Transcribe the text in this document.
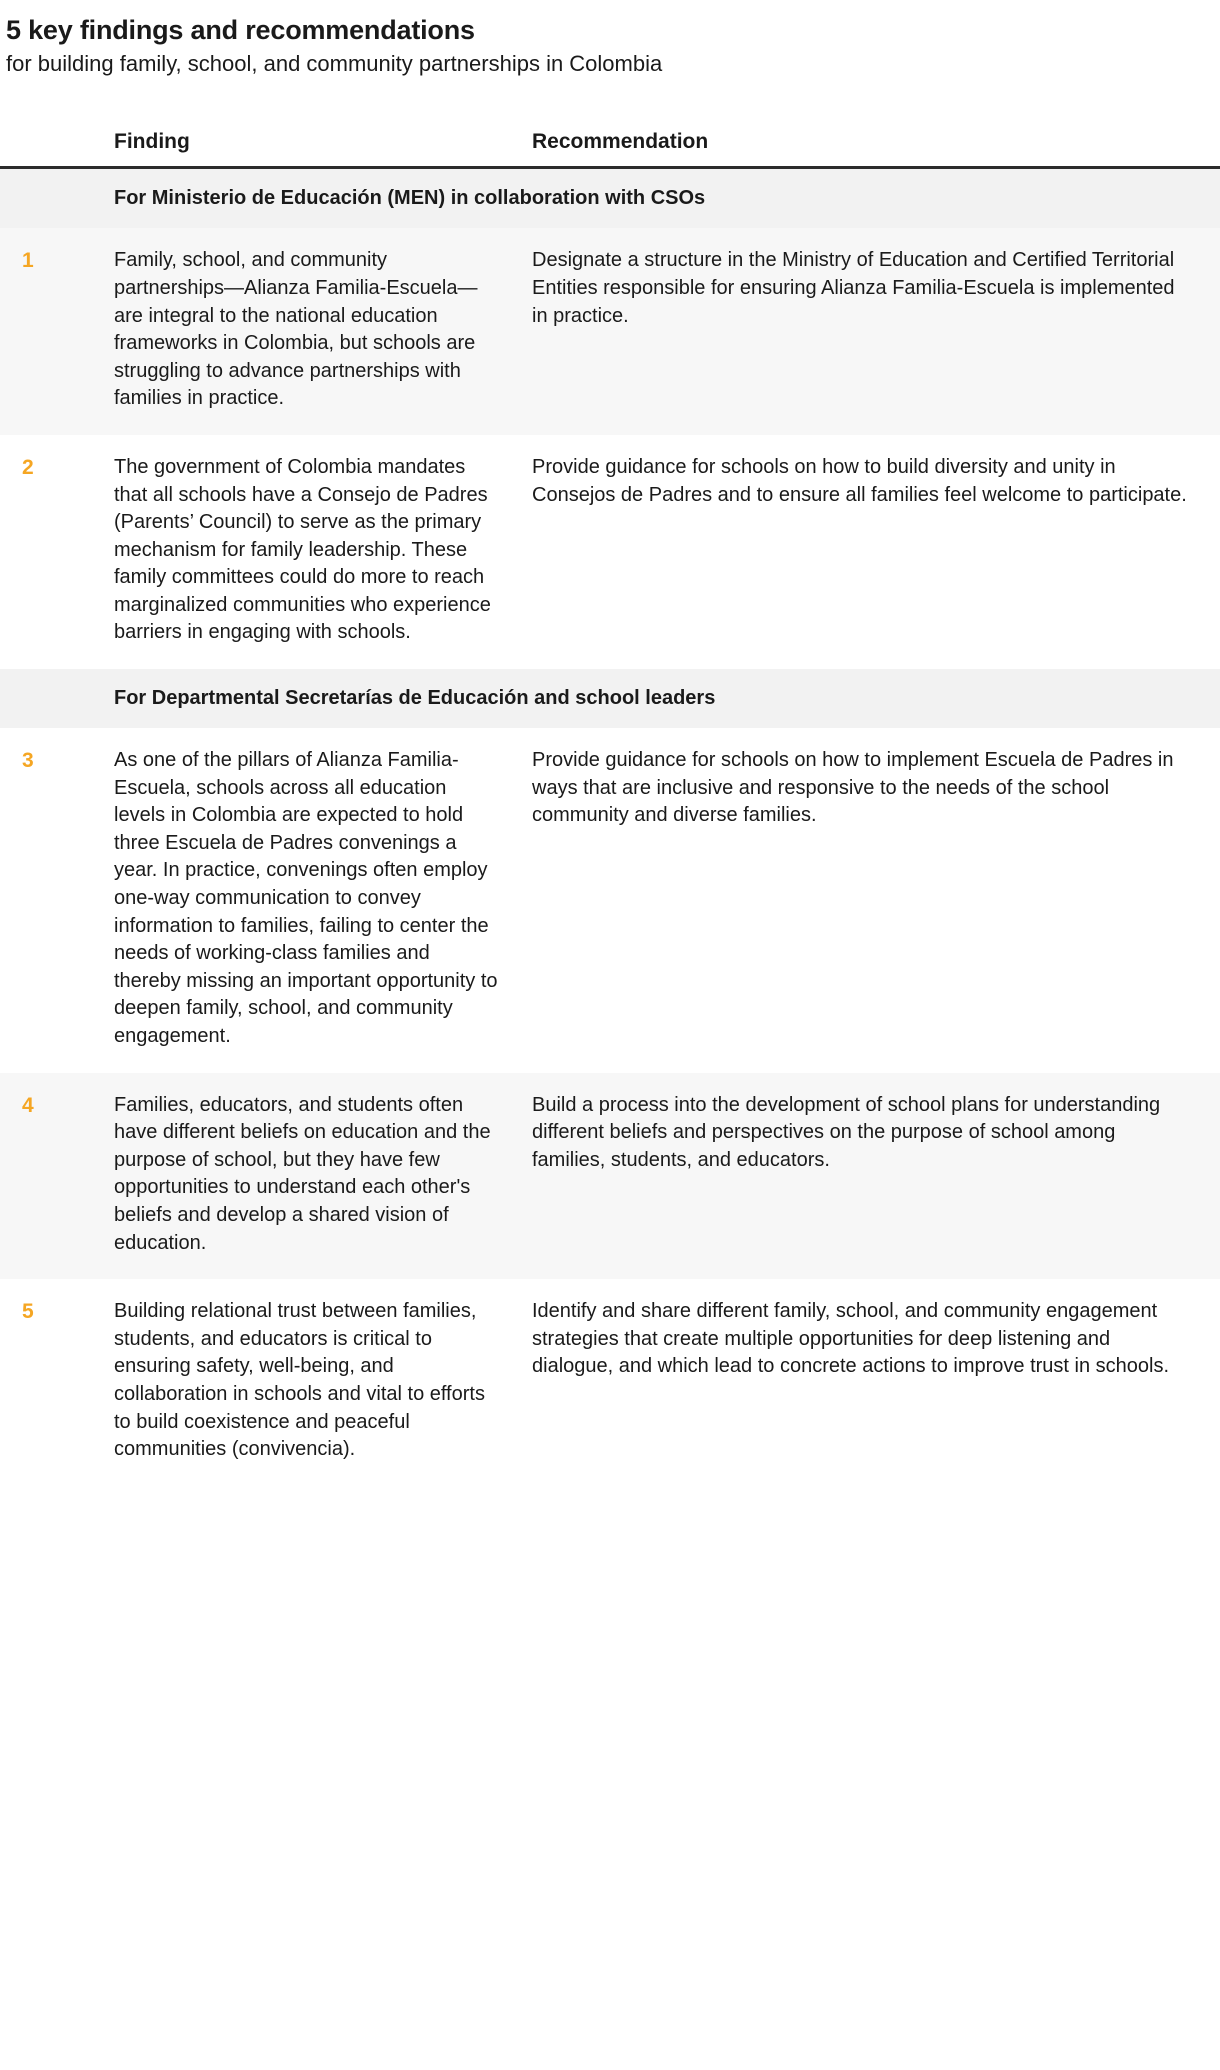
5 key findings and recommendations
for building family, school, and community partnerships in Colombia
	Finding	Recommendation
	For Ministerio de Educación (MEN) in collaboration with CSOs	
1	Family, school, and community partnerships—Alianza Familia-Escuela—are integral to the national education frameworks in Colombia, but schools are struggling to advance partnerships with families in practice.	Designate a structure in the Ministry of Education and Certified Territorial Entities responsible for ensuring Alianza Familia-Escuela is implemented in practice.
2	The government of Colombia mandates that all schools have a Consejo de Padres (Parents’ Council) to serve as the primary mechanism for family leadership. These family committees could do more to reach marginalized communities who experience barriers in engaging with schools.	Provide guidance for schools on how to build diversity and unity in Consejos de Padres and to ensure all families feel welcome to participate.
	For Departmental Secretarías de Educación and school leaders	
3	As one of the pillars of Alianza Familia-Escuela, schools across all education levels in Colombia are expected to hold three Escuela de Padres convenings a year. In practice, convenings often employ one-way communication to convey information to families, failing to center the needs of working-class families and thereby missing an important opportunity to deepen family, school, and community engagement.	Provide guidance for schools on how to implement Escuela de Padres in ways that are inclusive and responsive to the needs of the school community and diverse families.
4	Families, educators, and students often have different beliefs on education and the purpose of school, but they have few opportunities to understand each other's beliefs and develop a shared vision of education.	Build a process into the development of school plans for understanding different beliefs and perspectives on the purpose of school among families, students, and educators.
5	Building relational trust between families, students, and educators is critical to ensuring safety, well-being, and collaboration in schools and vital to efforts to build coexistence and peaceful communities (convivencia).	Identify and share different family, school, and community engagement strategies that create multiple opportunities for deep listening and dialogue, and which lead to concrete actions to improve trust in schools.
